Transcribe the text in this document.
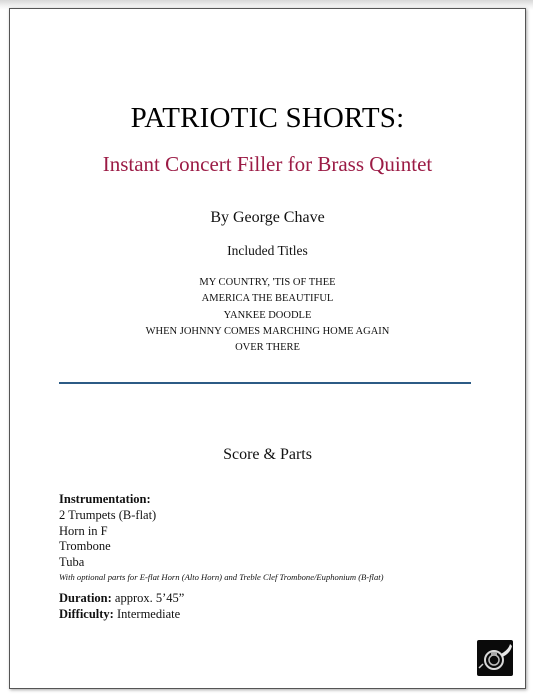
PATRIOTIC SHORTS:
Instant Concert Filler for Brass Quintet
By George Chave
Included Titles
MY COUNTRY, 'TIS OF THEE
AMERICA THE BEAUTIFUL
YANKEE DOODLE
WHEN JOHNNY COMES MARCHING HOME AGAIN
OVER THERE
Score & Parts
Instrumentation:
2 Trumpets (B-flat)
Horn in F
Trombone
Tuba
With optional parts for E-flat Horn (Alto Horn) and Treble Clef Trombone/Euphonium (B-flat)
Duration: approx. 5’45”
Difficulty: Intermediate
